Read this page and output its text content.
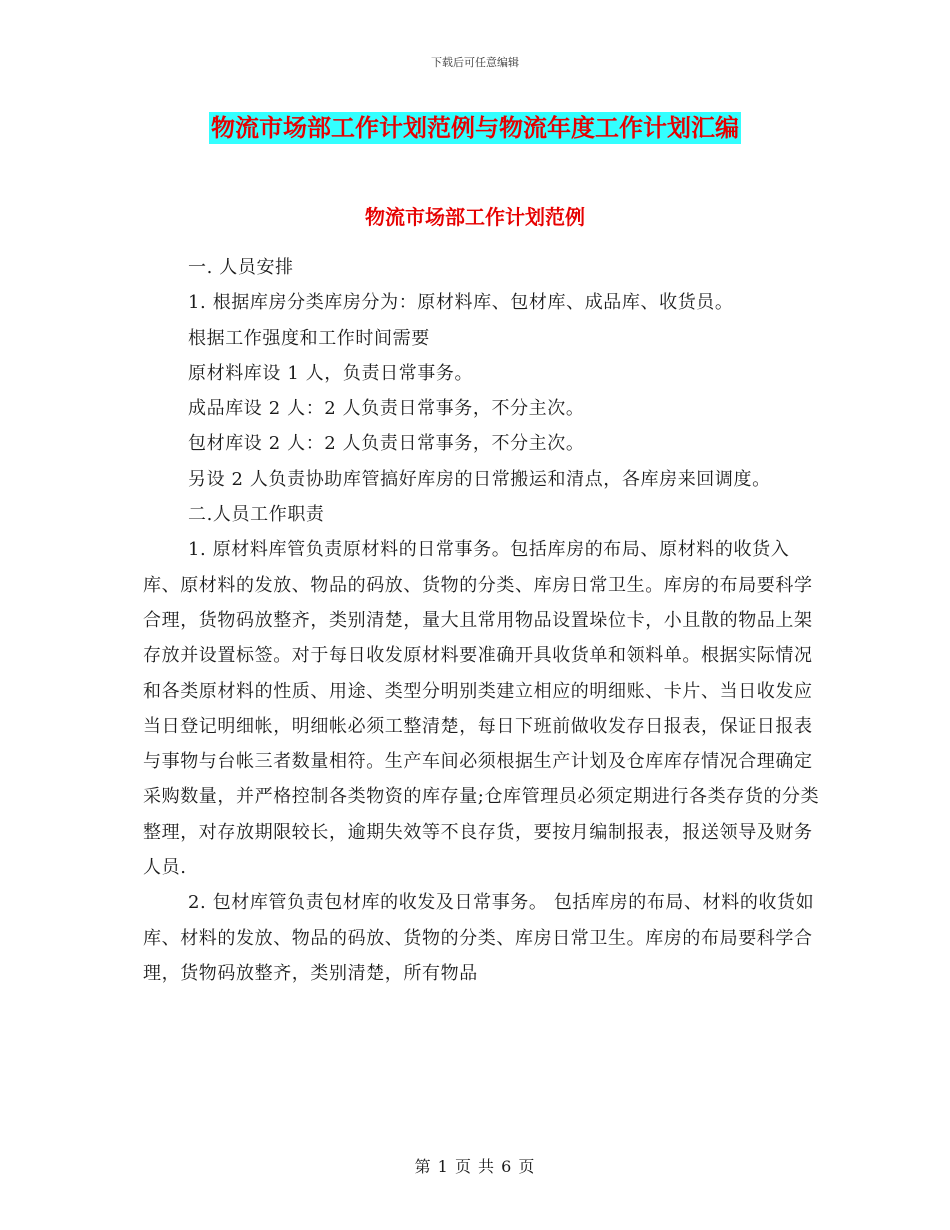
下载后可任意编辑
物流市场部工作计划范例与物流年度工作计划汇编
物流市场部工作计划范例

一. 人员安排

1. 根据库房分类库房分为：原材料库、包材库、成品库、收货员。

根据工作强度和工作时间需要

原材料库设 1 人，负责日常事务。

成品库设 2 人：2 人负责日常事务，不分主次。

包材库设 2 人：2 人负责日常事务，不分主次。

另设 2 人负责协助库管搞好库房的日常搬运和清点，各库房来回调度。

二.人员工作职责

1. 原材料库管负责原材料的日常事务。包括库房的布局、原材料的收货入库、原材料的发放、物品的码放、货物的分类、库房日常卫生。库房的布局要科学合理，货物码放整齐，类别清楚，量大且常用物品设置垛位卡，小且散的物品上架存放并设置标签。对于每日收发原材料要准确开具收货单和领料单。根据实际情况和各类原材料的性质、用途、类型分明别类建立相应的明细账、卡片、当日收发应当日登记明细帐，明细帐必须工整清楚，每日下班前做收发存日报表，保证日报表与事物与台帐三者数量相符。生产车间必须根据生产计划及仓库库存情况合理确定采购数量，并严格控制各类物资的库存量;仓库管理员必须定期进行各类存货的分类整理，对存放期限较长，逾期失效等不良存货，要按月编制报表，报送领导及财务人员.

2. 包材库管负责包材库的收发及日常事务。 包括库房的布局、材料的收货如库、材料的发放、物品的码放、货物的分类、库房日常卫生。库房的布局要科学合理，货物码放整齐，类别清楚，所有物品

第 1 页 共 6 页
